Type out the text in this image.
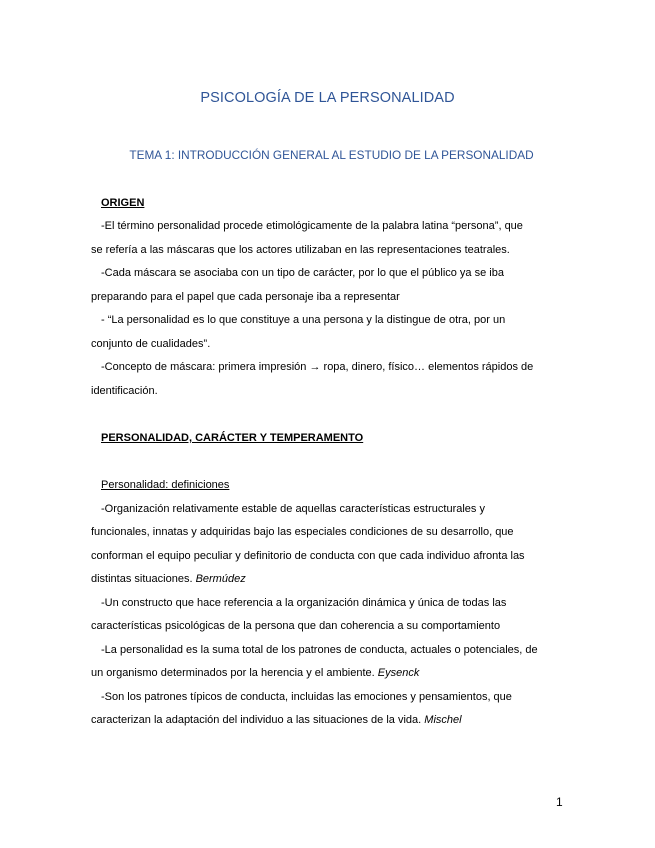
PSICOLOGÍA DE LA PERSONALIDAD
TEMA 1: INTRODUCCIÓN GENERAL AL ESTUDIO DE LA PERSONALIDAD
ORIGEN
-El término personalidad procede etimológicamente de la palabra latina “persona”, que
se refería a las máscaras que los actores utilizaban en las representaciones teatrales.
-Cada máscara se asociaba con un tipo de carácter, por lo que el público ya se iba
preparando para el papel que cada personaje iba a representar
- “La personalidad es lo que constituye a una persona y la distingue de otra, por un
conjunto de cualidades”.
-Concepto de máscara: primera impresión → ropa, dinero, físico… elementos rápidos de
identificación.
PERSONALIDAD, CARÁCTER Y TEMPERAMENTO
Personalidad: definiciones
-Organización relativamente estable de aquellas características estructurales y
funcionales, innatas y adquiridas bajo las especiales condiciones de su desarrollo, que
conforman el equipo peculiar y definitorio de conducta con que cada individuo afronta las
distintas situaciones. Bermúdez
-Un constructo que hace referencia a la organización dinámica y única de todas las
características psicológicas de la persona que dan coherencia a su comportamiento
-La personalidad es la suma total de los patrones de conducta, actuales o potenciales, de
un organismo determinados por la herencia y el ambiente. Eysenck
-Son los patrones típicos de conducta, incluidas las emociones y pensamientos, que
caracterizan la adaptación del individuo a las situaciones de la vida. Mischel
1
